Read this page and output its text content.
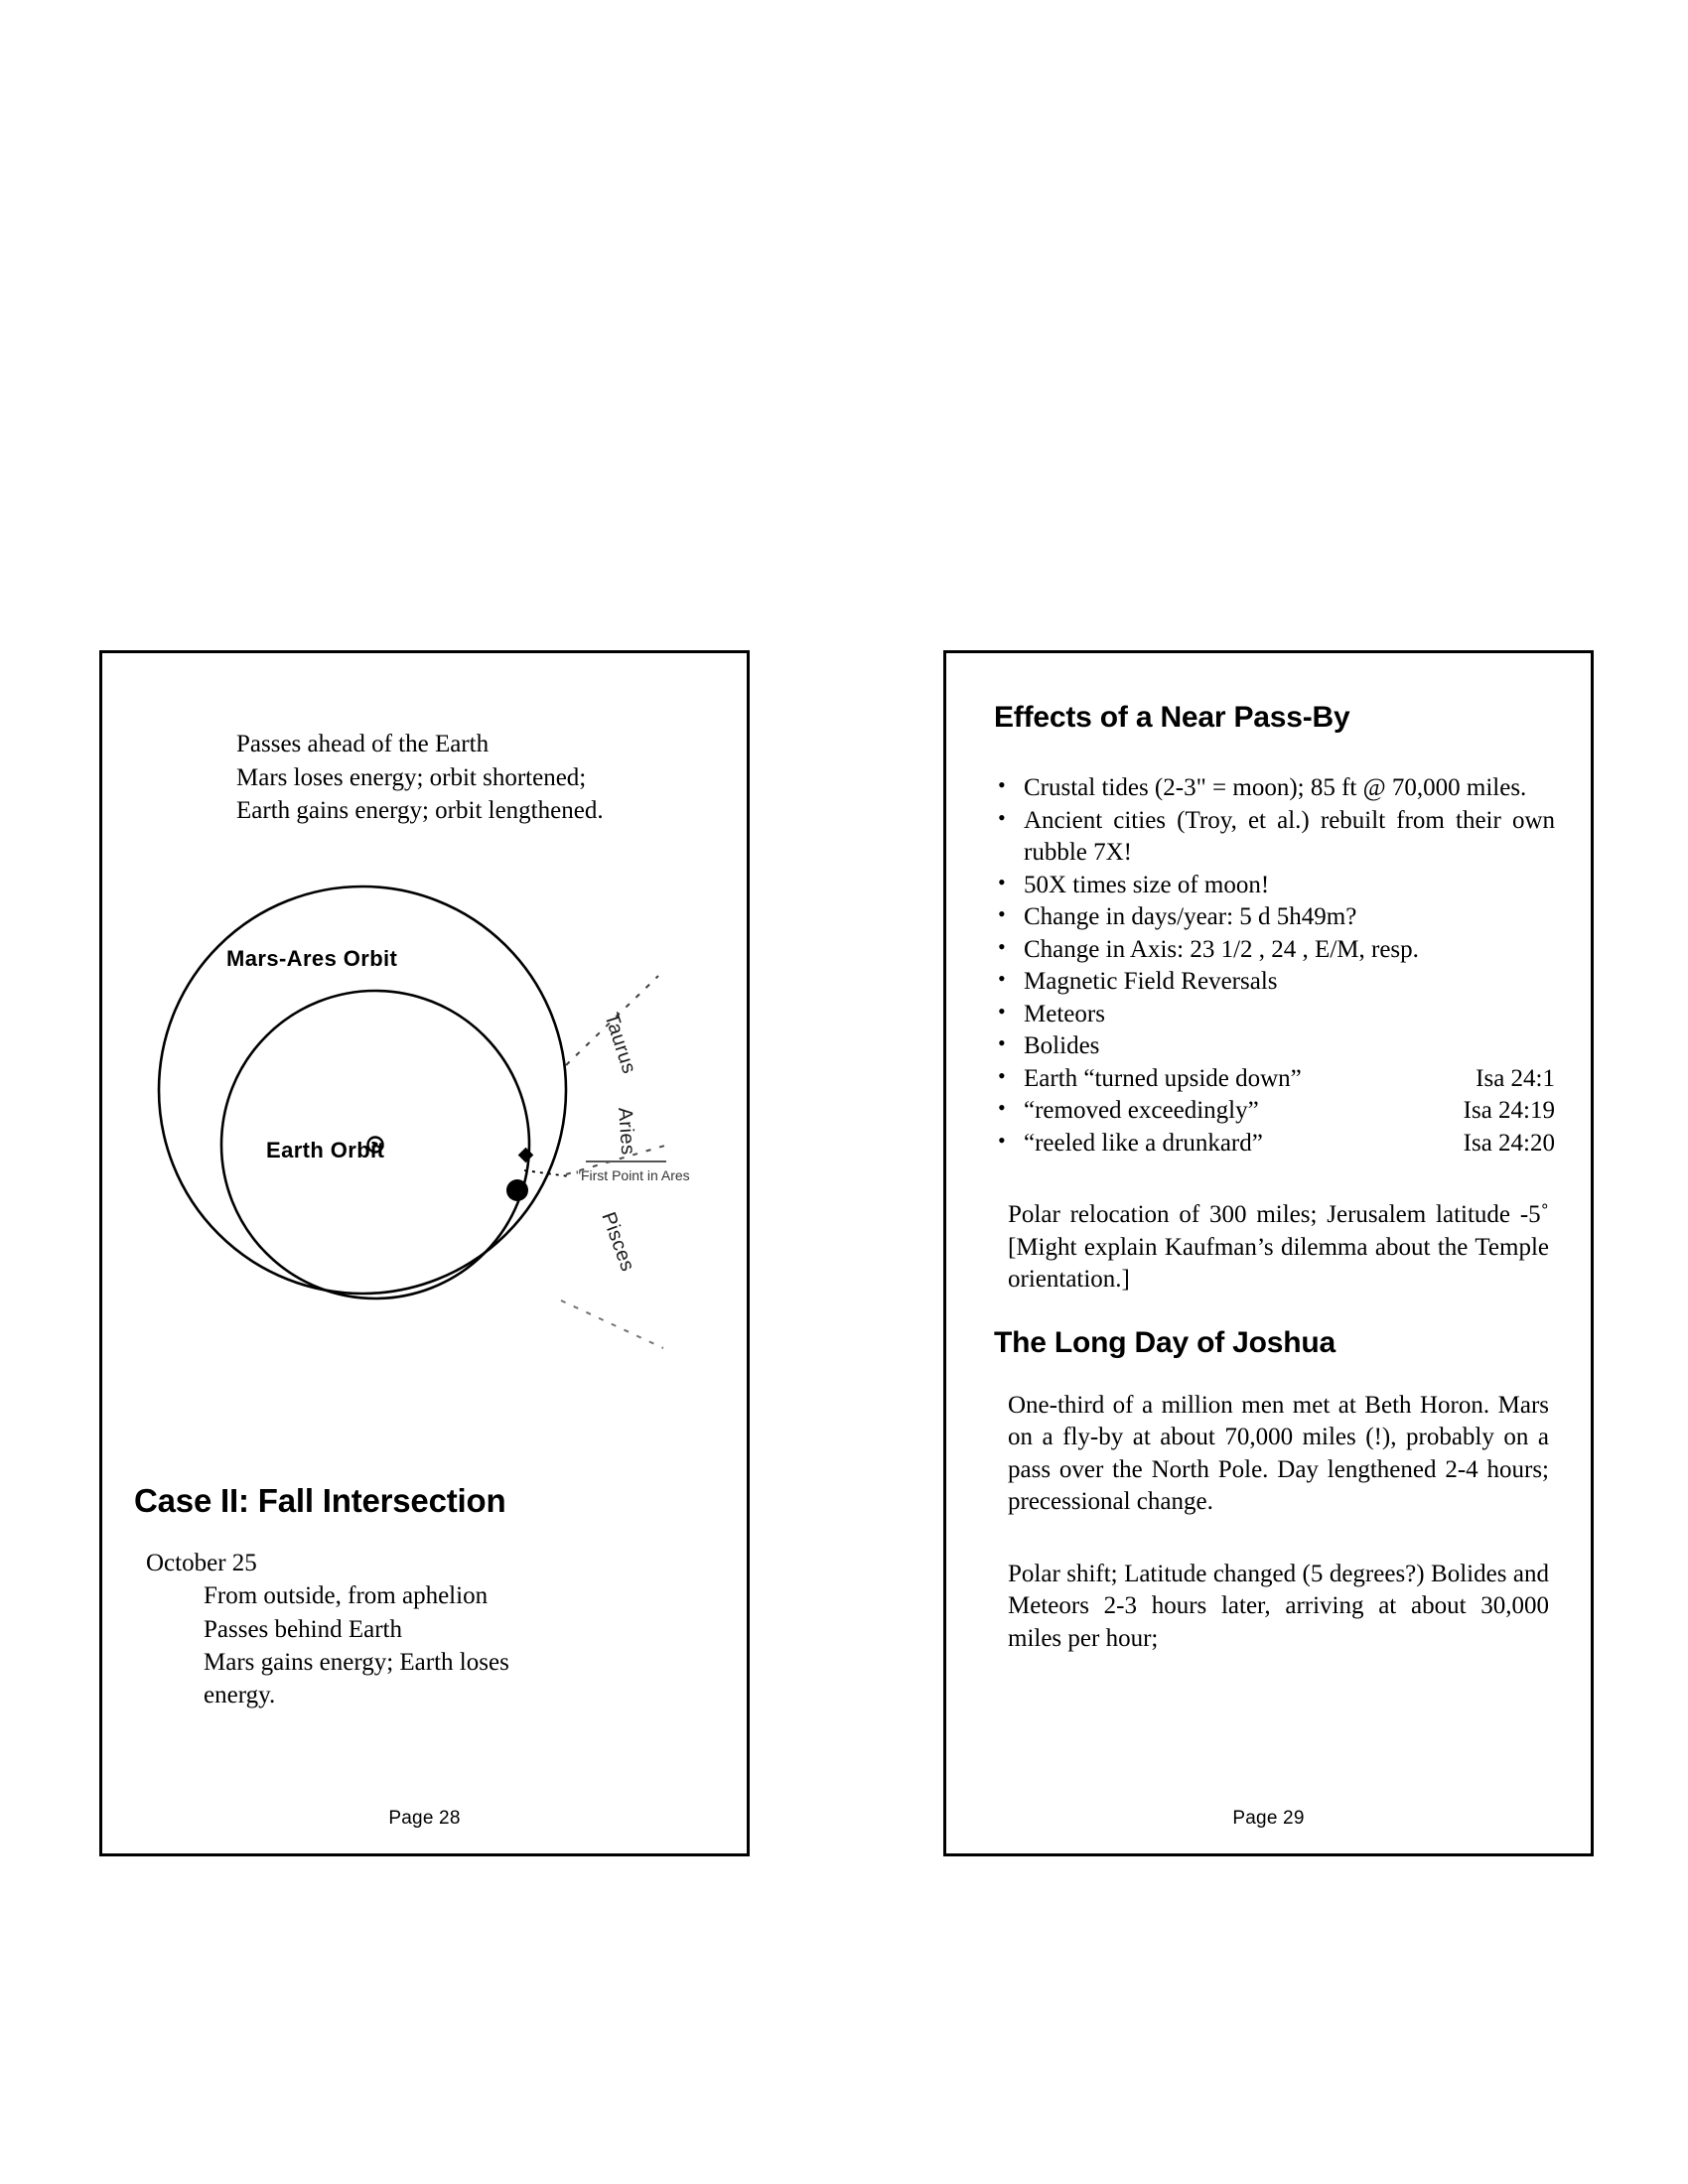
Passes ahead of the Earth
Mars loses energy; orbit shortened;
Earth gains energy; orbit lengthened.
Mars-Ares Orbit
Earth Orbit
Taurus
Aries
Pisces
"First Point in Ares
Case II: Fall Intersection
October 25
From outside, from aphelion
Passes behind Earth
Mars gains energy; Earth loses energy.
Page 28
Effects of a Near Pass-By
• Crustal tides (2-3" = moon); 85 ft @ 70,000 miles.
• Ancient cities (Troy, et al.) rebuilt from their own rubble 7X!
• 50X times size of moon!
• Change in days/year: 5 d 5h49m?
• Change in Axis: 23 1/2 , 24 , E/M, resp.
• Magnetic Field Reversals
• Meteors
• Bolides
• Earth “turned upside down”	Isa 24:1
• “removed exceedingly”	Isa 24:19
• “reeled like a drunkard”	Isa 24:20

Polar relocation of 300 miles; Jerusalem latitude -5˚ [Might explain Kaufman’s dilemma about the Temple orientation.]

The Long Day of Joshua

One-third of a million men met at Beth Horon. Mars on a fly-by at about 70,000 miles (!), probably on a pass over the North Pole. Day lengthened 2-4 hours; precessional change.

Polar shift; Latitude changed (5 degrees?) Bolides and Meteors 2-3 hours later, arriving at about 30,000 miles per hour;

Page 29
